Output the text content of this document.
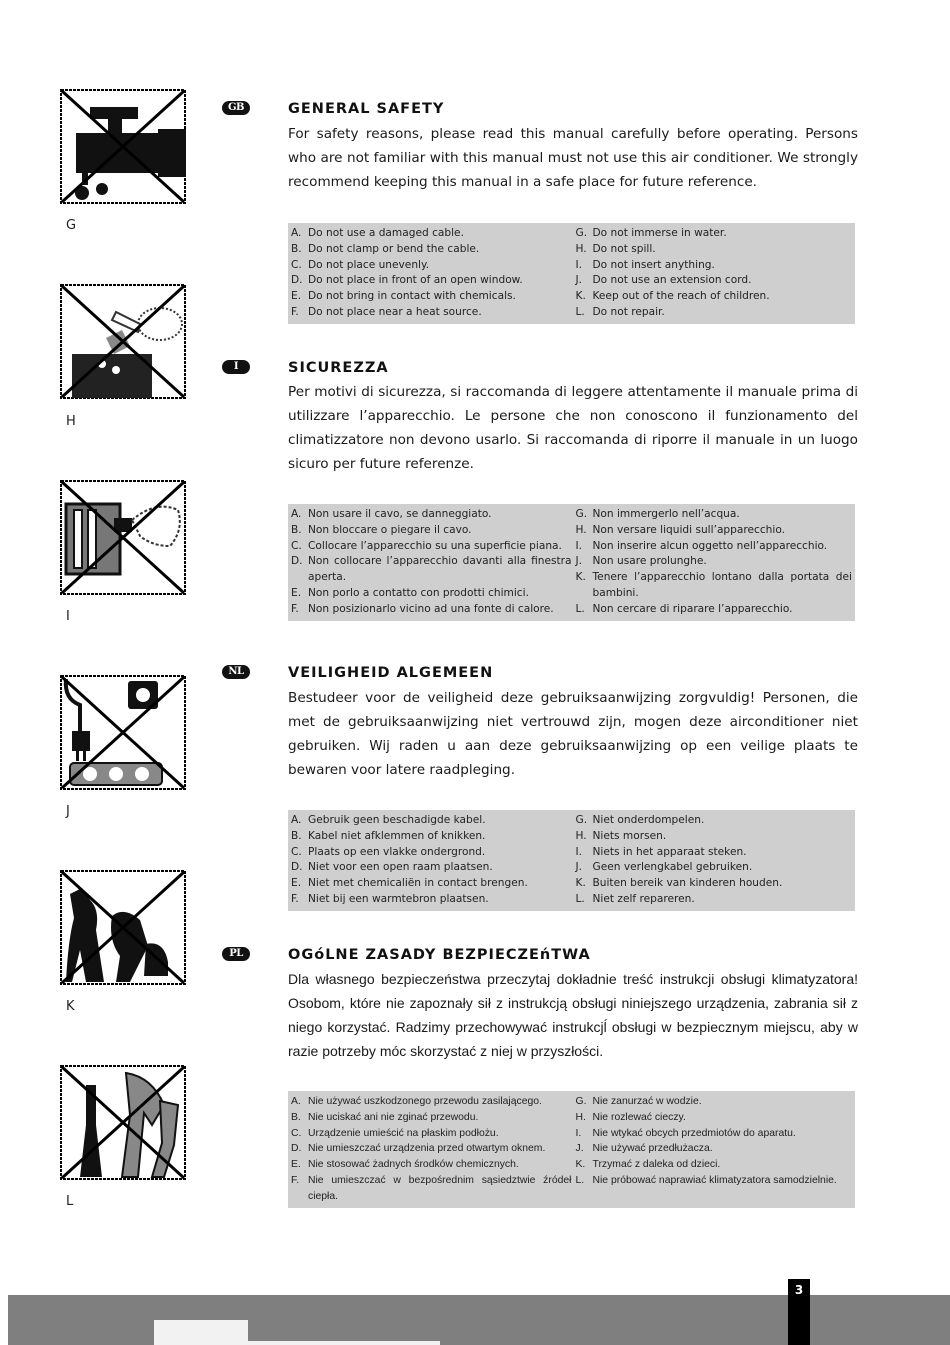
G
H
I
J
K
L
GB	GENERAL SAFETY

For safety reasons, please read this manual carefully before operating. Persons who are not familiar with this manual must not use this air conditioner. We strongly recommend keeping this manual in a safe place for future reference.

A. Do not use a damaged cable.
B. Do not clamp or bend the cable.
C. Do not place unevenly.
D. Do not place in front of an open window.
E. Do not bring in contact with chemicals.
F. Do not place near a heat source.
G. Do not immerse in water.
H. Do not spill.
I. Do not insert anything.
J. Do not use an extension cord.
K. Keep out of the reach of children.
L. Do not repair.
I	SICUREZZA

Per motivi di sicurezza, si raccomanda di leggere attentamente il manuale prima di utilizzare l’apparecchio. Le persone che non conoscono il funzionamento del climatizzatore non devono usarlo. Si raccomanda di riporre il manuale in un luogo sicuro per future referenze.

A. Non usare il cavo, se danneggiato.
B. Non bloccare o piegare il cavo.
C. Collocare l’apparecchio su una superficie piana.
D. Non collocare l’apparecchio davanti alla finestra aperta.
E. Non porlo a contatto con prodotti chimici.
F. Non posizionarlo vicino ad una fonte di calore.
G. Non immergerlo nell’acqua.
H. Non versare liquidi sull’apparecchio.
I. Non inserire alcun oggetto nell’apparecchio.
J. Non usare prolunghe.
K. Tenere l’apparecchio lontano dalla portata dei bambini.
L. Non cercare di riparare l’apparecchio.
NL	VEILIGHEID ALGEMEEN

Bestudeer voor de veiligheid deze gebruiksaanwijzing zorgvuldig! Personen, die met de gebruiksaanwijzing niet vertrouwd zijn, mogen deze airconditioner niet gebruiken. Wij raden u aan deze gebruiksaanwijzing op een veilige plaats te bewaren voor latere raadpleging.

A. Gebruik geen beschadigde kabel.
B. Kabel niet afklemmen of knikken.
C. Plaats op een vlakke ondergrond.
D. Niet voor een open raam plaatsen.
E. Niet met chemicaliën in contact brengen.
F. Niet bij een warmtebron plaatsen.
G. Niet onderdompelen.
H. Niets morsen.
I. Niets in het apparaat steken.
J. Geen verlengkabel gebruiken.
K. Buiten bereik van kinderen houden.
L. Niet zelf repareren.
PL	OGóLNE ZASADY BEZPIECZEńTWA

Dla własnego bezpieczeństwa przeczytaj dokładnie treść instrukcji obsługi klimatyzatora! Osobom, które nie zapoznały sił z instrukcją obsługi niniejszego urządzenia, zabrania sił z niego korzystać. Radzimy przechowywać instrukcjĺ obsługi w bezpiecznym miejscu, aby w razie potrzeby móc skorzystać z niej w przyszłości.

A. Nie używać uszkodzonego przewodu zasilającego.
B. Nie uciskać ani nie zginać przewodu.
C. Urządzenie umieścić na płaskim podłożu.
D. Nie umieszczać urządzenia przed otwartym oknem.
E. Nie stosować żadnych środków chemicznych.
F. Nie umieszczać w bezpośrednim sąsiedztwie źródeł ciepła.
G. Nie zanurzać w wodzie.
H. Nie rozlewać cieczy.
I.	Nie wtykać obcych przedmiotów do aparatu.
J. Nie używać przedłużacza.
K. Trzymać z daleka od dzieci.
L. Nie próbować naprawiać klimatyzatora samodzielnie.
3
